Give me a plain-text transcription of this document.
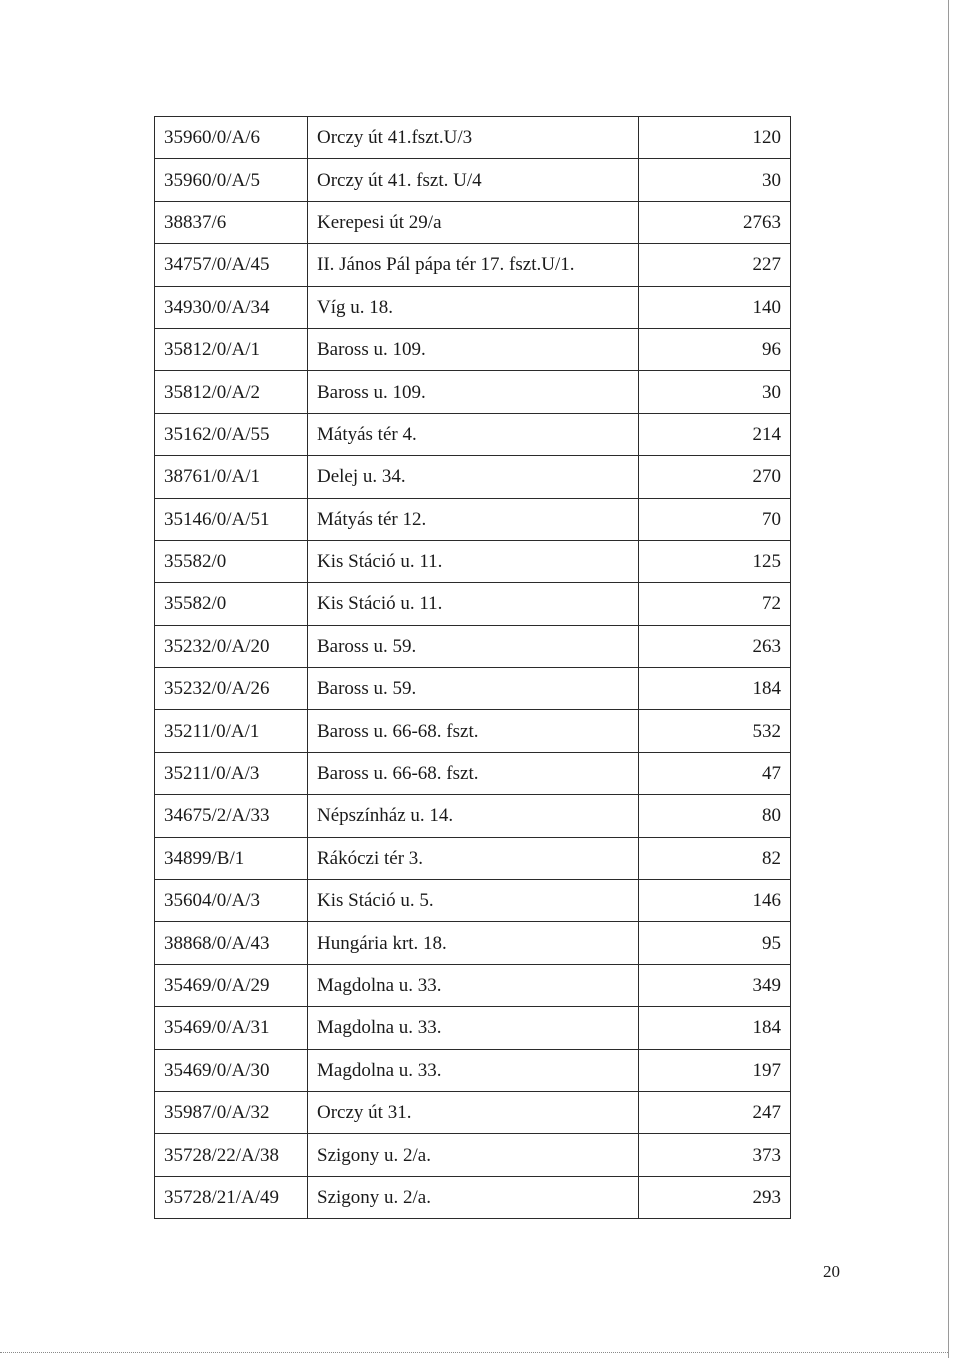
35960/0/A/6	Orczy út 41.fszt.U/3	120
35960/0/A/5	Orczy út 41. fszt. U/4	30
38837/6	Kerepesi út 29/a	2763
34757/0/A/45	II. János Pál pápa tér 17. fszt.U/1.	227
34930/0/A/34	Víg u. 18.	140
35812/0/A/1	Baross u. 109.	96
35812/0/A/2	Baross u. 109.	30
35162/0/A/55	Mátyás tér 4.	214
38761/0/A/1	Delej u. 34.	270
35146/0/A/51	Mátyás tér 12.	70
35582/0	Kis Stáció u. 11.	125
35582/0	Kis Stáció u. 11.	72
35232/0/A/20	Baross u. 59.	263
35232/0/A/26	Baross u. 59.	184
35211/0/A/1	Baross u. 66-68. fszt.	532
35211/0/A/3	Baross u. 66-68. fszt.	47
34675/2/A/33	Népszínház u. 14.	80
34899/B/1	Rákóczi tér 3.	82
35604/0/A/3	Kis Stáció u. 5.	146
38868/0/A/43	Hungária krt. 18.	95
35469/0/A/29	Magdolna u. 33.	349
35469/0/A/31	Magdolna u. 33.	184
35469/0/A/30	Magdolna u. 33.	197
35987/0/A/32	Orczy út 31.	247
35728/22/A/38	Szigony u. 2/a.	373
35728/21/A/49	Szigony u. 2/a.	293
20
